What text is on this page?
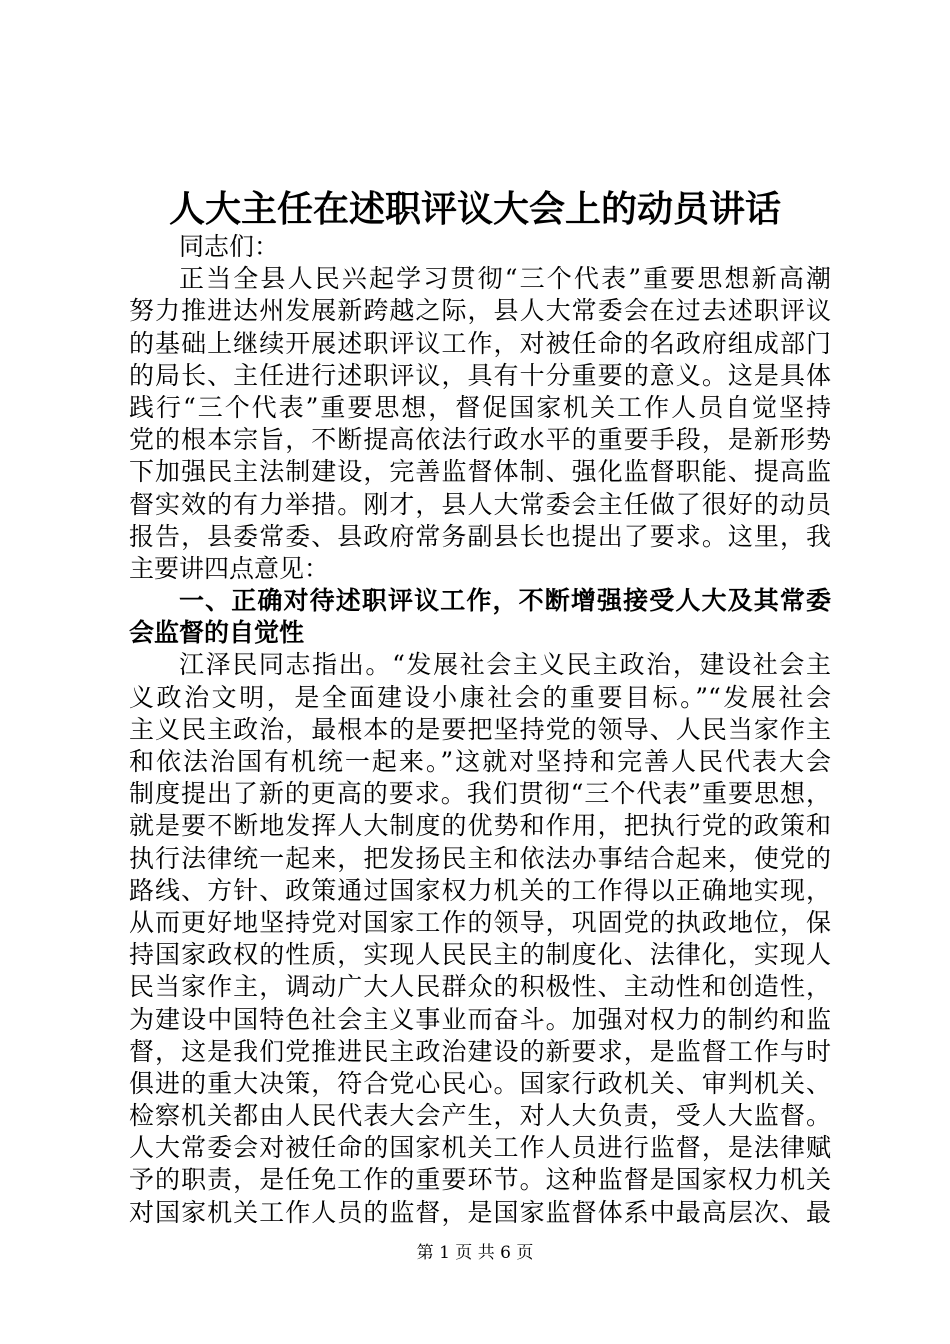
人大主任在述职评议大会上的动员讲话
同志们：
正当全县人民兴起学习贯彻“三个代表”重要思想新高潮
努力推进达州发展新跨越之际，县人大常委会在过去述职评议
的基础上继续开展述职评议工作，对被任命的名政府组成部门
的局长、主任进行述职评议，具有十分重要的意义。这是具体
践行“三个代表”重要思想，督促国家机关工作人员自觉坚持
党的根本宗旨，不断提高依法行政水平的重要手段，是新形势
下加强民主法制建设，完善监督体制、强化监督职能、提高监
督实效的有力举措。刚才，县人大常委会主任做了很好的动员
报告，县委常委、县政府常务副县长也提出了要求。这里，我
主要讲四点意见：
一、正确对待述职评议工作，不断增强接受人大及其常委
会监督的自觉性
江泽民同志指出。“发展社会主义民主政治，建设社会主
义政治文明，是全面建设小康社会的重要目标。”“发展社会
主义民主政治，最根本的是要把坚持党的领导、人民当家作主
和依法治国有机统一起来。”这就对坚持和完善人民代表大会
制度提出了新的更高的要求。我们贯彻“三个代表”重要思想，
就是要不断地发挥人大制度的优势和作用，把执行党的政策和
执行法律统一起来，把发扬民主和依法办事结合起来，使党的
路线、方针、政策通过国家权力机关的工作得以正确地实现，
从而更好地坚持党对国家工作的领导，巩固党的执政地位，保
持国家政权的性质，实现人民民主的制度化、法律化，实现人
民当家作主，调动广大人民群众的积极性、主动性和创造性，
为建设中国特色社会主义事业而奋斗。加强对权力的制约和监
督，这是我们党推进民主政治建设的新要求，是监督工作与时
俱进的重大决策，符合党心民心。国家行政机关、审判机关、
检察机关都由人民代表大会产生，对人大负责，受人大监督。
人大常委会对被任命的国家机关工作人员进行监督，是法律赋
予的职责，是任免工作的重要环节。这种监督是国家权力机关
对国家机关工作人员的监督，是国家监督体系中最高层次、最
第 1 页 共 6 页
